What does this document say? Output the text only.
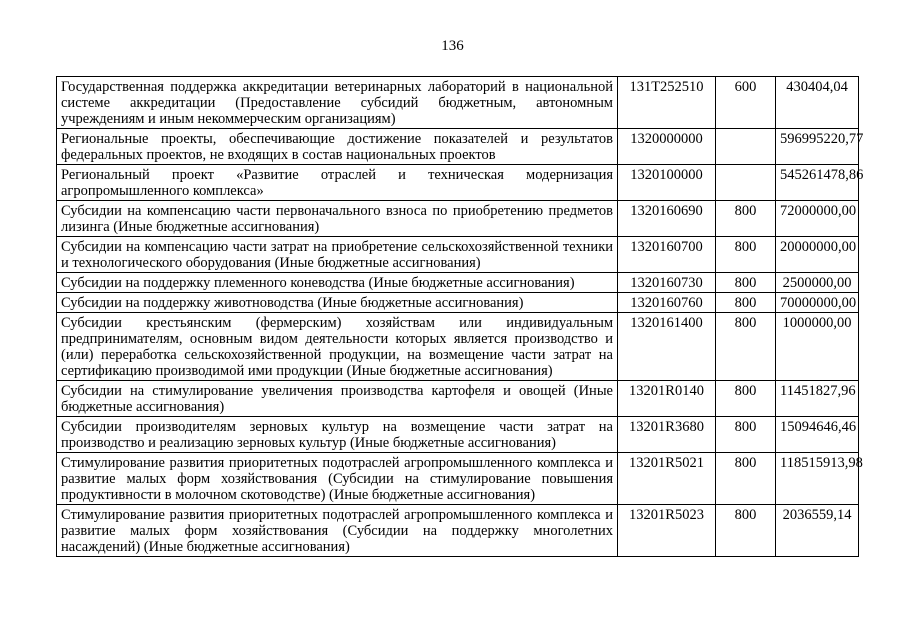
136
Государственная поддержка аккредитации ветеринарных лабораторий в национальной системе аккредитации (Предоставление субсидий бюджетным, автономным учреждениям и иным некоммерческим организациям)	131Т252510	600	430404,04
Региональные проекты, обеспечивающие достижение показателей и результатов федеральных проектов, не входящих в состав национальных проектов	1320000000		596995220,77
Региональный проект «Развитие отраслей и техническая модернизация агропромышленного комплекса»	1320100000		545261478,86
Субсидии на компенсацию части первоначального взноса по приобретению предметов лизинга (Иные бюджетные ассигнования)	1320160690	800	72000000,00
Субсидии на компенсацию части затрат на приобретение сельскохозяйственной техники и технологического оборудования (Иные бюджетные ассигнования)	1320160700	800	20000000,00
Субсидии на поддержку племенного коневодства (Иные бюджетные ассигнования)	1320160730	800	2500000,00
Субсидии на поддержку животноводства (Иные бюджетные ассигнования)	1320160760	800	70000000,00
Субсидии крестьянским (фермерским) хозяйствам или индивидуальным предпринимателям, основным видом деятельности которых является производство и (или) переработка сельскохозяйственной продукции, на возмещение части затрат на сертификацию производимой ими продукции (Иные бюджетные ассигнования)	1320161400	800	1000000,00
Субсидии на стимулирование увеличения производства картофеля и овощей (Иные бюджетные ассигнования)	13201R0140	800	11451827,96
Субсидии производителям зерновых культур на возмещение части затрат на производство и реализацию зерновых культур (Иные бюджетные ассигнования)	13201R3680	800	15094646,46
Стимулирование развития приоритетных подотраслей агропромышленного комплекса и развитие малых форм хозяйствования (Субсидии на стимулирование повышения продуктивности в молочном скотоводстве) (Иные бюджетные ассигнования)	13201R5021	800	118515913,98
Стимулирование развития приоритетных подотраслей агропромышленного комплекса и развитие малых форм хозяйствования (Субсидии на поддержку многолетних насаждений) (Иные бюджетные ассигнования)	13201R5023	800	2036559,14
